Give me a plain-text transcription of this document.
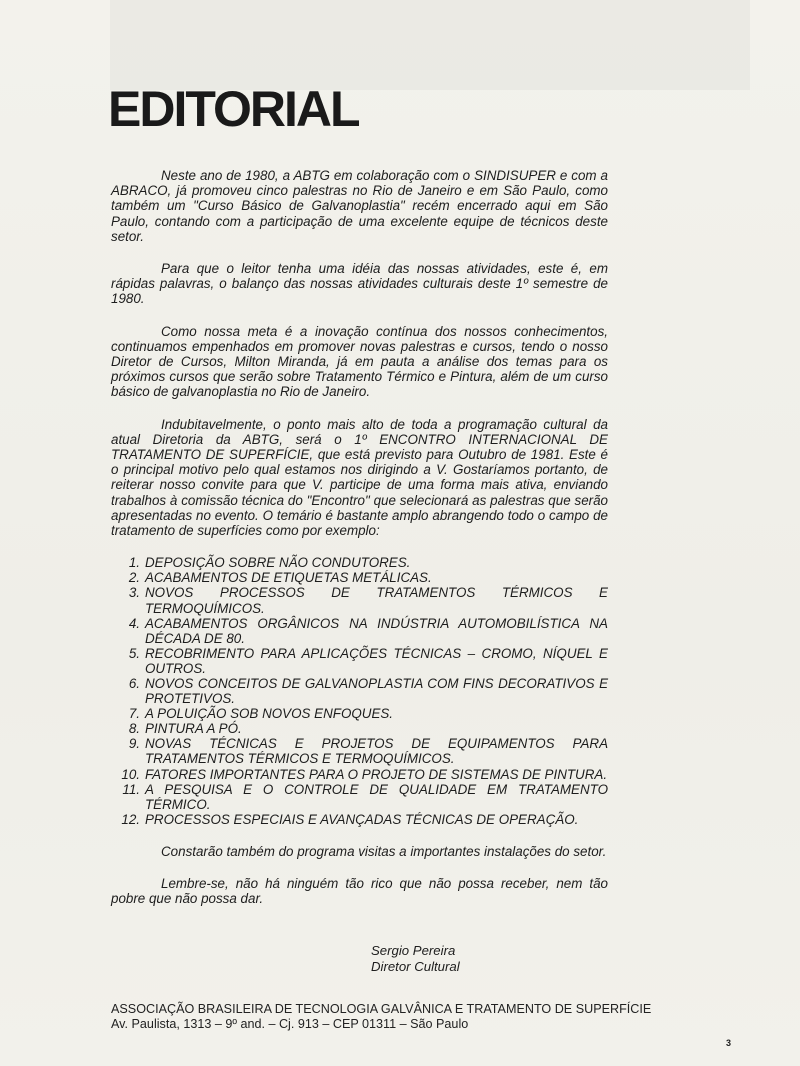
EDITORIAL

Neste ano de 1980, a ABTG em colaboração com o SINDISUPER e com a ABRACO, já promoveu cinco palestras no Rio de Janeiro e em São Paulo, como também um "Curso Básico de Galvanoplastia" recém encerrado aqui em São Paulo, contando com a participação de uma excelente equipe de técnicos deste setor.

Para que o leitor tenha uma idéia das nossas atividades, este é, em rápidas palavras, o balanço das nossas atividades culturais deste 1º semestre de 1980.

Como nossa meta é a inovação contínua dos nossos conhecimentos, continuamos empenhados em promover novas palestras e cursos, tendo o nosso Diretor de Cursos, Milton Miranda, já em pauta a análise dos temas para os próximos cursos que serão sobre Tratamento Térmico e Pintura, além de um curso básico de galvanoplastia no Rio de Janeiro.

Indubitavelmente, o ponto mais alto de toda a programação cultural da atual Diretoria da ABTG, será o 1º ENCONTRO INTERNACIONAL DE TRATAMENTO DE SUPERFÍCIE, que está previsto para Outubro de 1981. Este é o principal motivo pelo qual estamos nos dirigindo a V. Gostaríamos portanto, de reiterar nosso convite para que V. participe de uma forma mais ativa, enviando trabalhos à comissão técnica do "Encontro" que selecionará as palestras que serão apresentadas no evento. O temário é bastante amplo abrangendo todo o campo de tratamento de superfícies como por exemplo:

1. DEPOSIÇÃO SOBRE NÃO CONDUTORES.
2. ACABAMENTOS DE ETIQUETAS METÁLICAS.
3. NOVOS PROCESSOS DE TRATAMENTOS TÉRMICOS E TERMOQUÍMICOS.
4. ACABAMENTOS ORGÂNICOS NA INDÚSTRIA AUTOMOBILÍSTICA NA DÉCADA DE 80.
5. RECOBRIMENTO PARA APLICAÇÕES TÉCNICAS – CROMO, NÍQUEL E OUTROS.
6. NOVOS CONCEITOS DE GALVANOPLASTIA COM FINS DECORATIVOS E PROTETIVOS.
7. A POLUIÇÃO SOB NOVOS ENFOQUES.
8. PINTURA A PÓ.
9. NOVAS TÉCNICAS E PROJETOS DE EQUIPAMENTOS PARA TRATAMENTOS TÉRMICOS E TERMOQUÍMICOS.
10. FATORES IMPORTANTES PARA O PROJETO DE SISTEMAS DE PINTURA.
11. A PESQUISA E O CONTROLE DE QUALIDADE EM TRATAMENTO TÉRMICO.
12. PROCESSOS ESPECIAIS E AVANÇADAS TÉCNICAS DE OPERAÇÃO.

Constarão também do programa visitas a importantes instalações do setor.

Lembre-se, não há ninguém tão rico que não possa receber, nem tão pobre que não possa dar.

Sergio Pereira
Diretor Cultural
ASSOCIAÇÃO BRASILEIRA DE TECNOLOGIA GALVÂNICA E TRATAMENTO DE SUPERFÍCIE
Av. Paulista, 1313 – 9º and. – Cj. 913 – CEP 01311 – São Paulo
3
